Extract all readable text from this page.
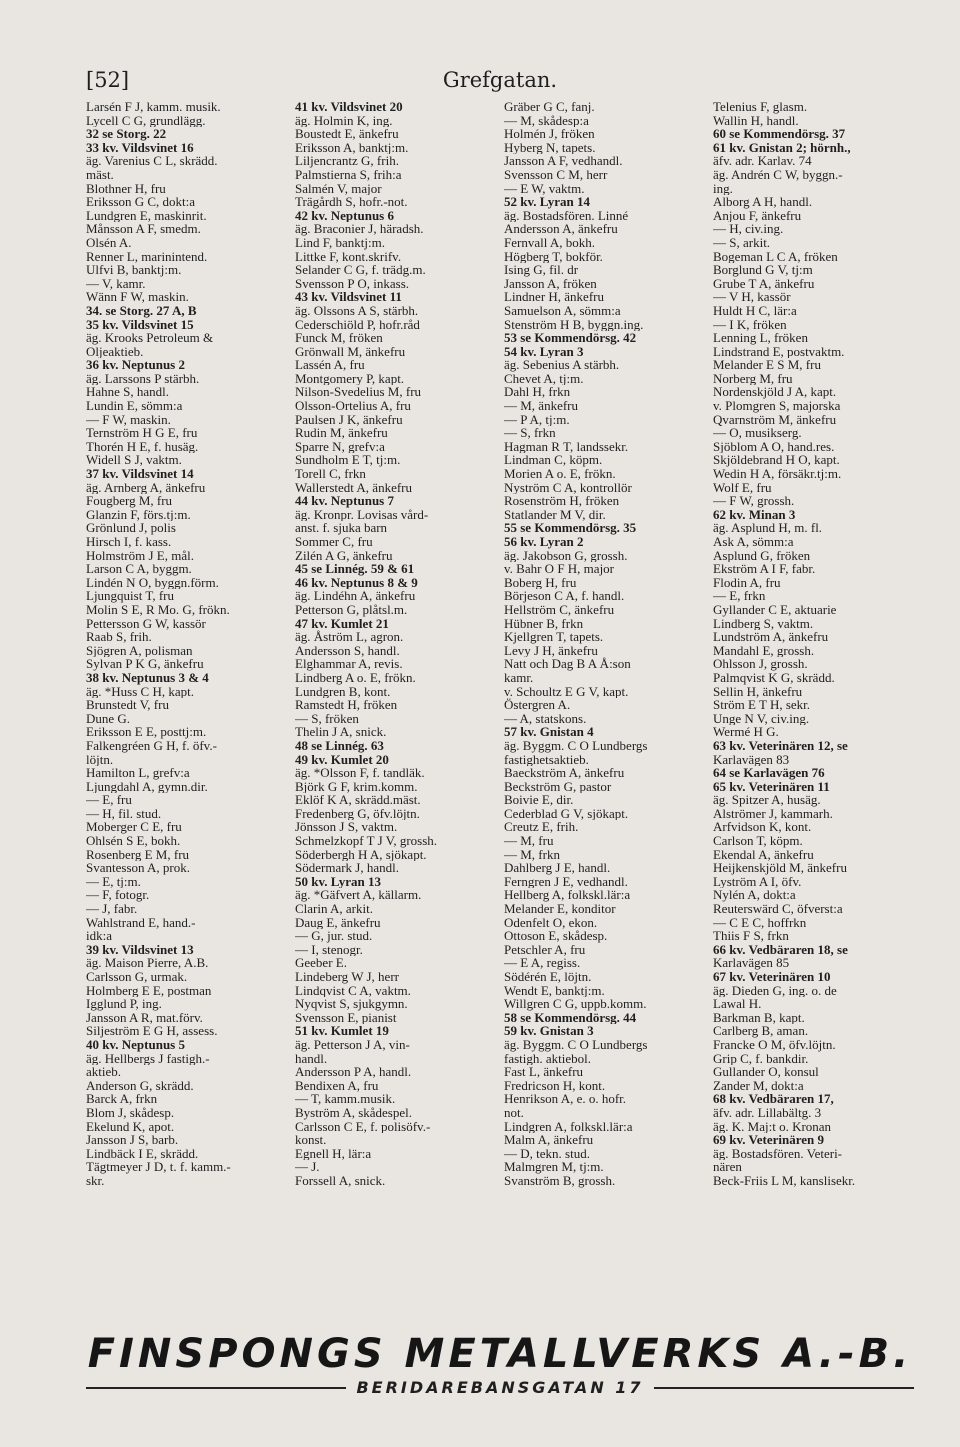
[52]	Grefgatan.
Larsén F J, kamm. musik.
Lycell C G, grundlägg.
32 se Storg. 22
33 kv. Vildsvinet 16
äg. Varenius C L, skrädd.
mäst.
Blothner H, fru
Eriksson G C, dokt:a
Lundgren E, maskinrit.
Månsson A F, smedm.
Olsén A.
Renner L, marinintend.
Ulfvi B, banktj:m.
— V, kamr.
Wänn F W, maskin.
34. se Storg. 27 A, B
35 kv. Vildsvinet 15
äg. Krooks Petroleum &
Oljeaktieb.
36 kv. Neptunus 2
äg. Larssons P stärbh.
Hahne S, handl.
Lundin E, sömm:a
— F W, maskin.
Ternström H G E, fru
Thorén H E, f. husäg.
Widell S J, vaktm.
37 kv. Vildsvinet 14
äg. Arnberg A, änkefru
Fougberg M, fru
Glanzin F, förs.tj:m.
Grönlund J, polis
Hirsch I, f. kass.
Holmström J E, mål.
Larson C A, byggm.
Lindén N O, byggn.förm.
Ljungquist T, fru
Molin S E, R Mo. G, frökn.
Pettersson G W, kassör
Raab S, frih.
Sjögren A, polisman
Sylvan P K G, änkefru
38 kv. Neptunus 3 & 4
äg. *Huss C H, kapt.
Brunstedt V, fru
Dune G.
Eriksson E E, posttj:m.
Falkengréen G H, f. öfv.-
löjtn.
Hamilton L, grefv:a
Ljungdahl A, gymn.dir.
— E, fru
— H, fil. stud.
Moberger C E, fru
Ohlsén S E, bokh.
Rosenberg E M, fru
Svantesson A, prok.
— E, tj:m.
— F, fotogr.
— J, fabr.
Wahlstrand E, hand.-
idk:a
39 kv. Vildsvinet 13
äg. Maison Pierre, A.B.
Carlsson G, urmak.
Holmberg E E, postman
Igglund P, ing.
Jansson A R, mat.förv.
Siljeström E G H, assess.
40 kv. Neptunus 5
äg. Hellbergs J fastigh.-
aktieb.
Anderson G, skrädd.
Barck A, frkn
Blom J, skådesp.
Ekelund K, apot.
Jansson J S, barb.
Lindbäck I E, skrädd.
Tägtmeyer J D, t. f. kamm.-
skr.
41 kv. Vildsvinet 20
äg. Holmin K, ing.
Boustedt E, änkefru
Eriksson A, banktj:m.
Liljencrantz G, frih.
Palmstierna S, frih:a
Salmén V, major
Trägårdh S, hofr.-not.
42 kv. Neptunus 6
äg. Braconier J, häradsh.
Lind F, banktj:m.
Littke F, kont.skrifv.
Selander C G, f. trädg.m.
Svensson P O, inkass.
43 kv. Vildsvinet 11
äg. Olssons A S, stärbh.
Cederschiöld P, hofr.råd
Funck M, fröken
Grönwall M, änkefru
Lassén A, fru
Montgomery P, kapt.
Nilson-Svedelius M, fru
Olsson-Ortelius A, fru
Paulsen J K, änkefru
Rudin M, änkefru
Sparre N, grefv:a
Sundholm E T, tj:m.
Torell C, frkn
Wallerstedt A, änkefru
44 kv. Neptunus 7
äg. Kronpr. Lovisas vård-
anst. f. sjuka barn
Sommer C, fru
Zilén A G, änkefru
45 se Linnég. 59 & 61
46 kv. Neptunus 8 & 9
äg. Lindéhn A, änkefru
Petterson G, plåtsl.m.
47 kv. Kumlet 21
äg. Åström L, agron.
Andersson S, handl.
Elghammar A, revis.
Lindberg A o. E, frökn.
Lundgren B, kont.
Ramstedt H, fröken
— S, fröken
Thelin J A, snick.
48 se Linnég. 63
49 kv. Kumlet 20
äg. *Olsson F, f. tandläk.
Björk G F, krim.komm.
Eklöf K A, skrädd.mäst.
Fredenberg G, öfv.löjtn.
Jönsson J S, vaktm.
Schmelzkopf T J V, grossh.
Söderbergh H A, sjökapt.
Södermark J, handl.
50 kv. Lyran 13
äg. *Gäfvert A, källarm.
Clarin A, arkit.
Daug E, änkefru
— G, jur. stud.
— I, stenogr.
Geeber E.
Lindeberg W J, herr
Lindqvist C A, vaktm.
Nyqvist S, sjukgymn.
Svensson E, pianist
51 kv. Kumlet 19
äg. Petterson J A, vin-
handl.
Andersson P A, handl.
Bendixen A, fru
— T, kamm.musik.
Byström A, skådespel.
Carlsson C E, f. polisöfv.-
konst.
Egnell H, lär:a
— J.
Forssell A, snick.
Gräber G C, fanj.
— M, skådesp:a
Holmén J, fröken
Hyberg N, tapets.
Jansson A F, vedhandl.
Svensson C M, herr
— E W, vaktm.
52 kv. Lyran 14
äg. Bostadsfören. Linné
Andersson A, änkefru
Fernvall A, bokh.
Högberg T, bokför.
Ising G, fil. dr
Jansson A, fröken
Lindner H, änkefru
Samuelson A, sömm:a
Stenström H B, byggn.ing.
53 se Kommendörsg. 42
54 kv. Lyran 3
äg. Sebenius A stärbh.
Chevet A, tj:m.
Dahl H, frkn
— M, änkefru
— P A, tj:m.
— S, frkn
Hagman R T, landssekr.
Lindman C, köpm.
Morien A o. E, frökn.
Nyström C A, kontrollör
Rosenström H, fröken
Statlander M V, dir.
55 se Kommendörsg. 35
56 kv. Lyran 2
äg. Jakobson G, grossh.
v. Bahr O F H, major
Boberg H, fru
Börjeson C A, f. handl.
Hellström C, änkefru
Hübner B, frkn
Kjellgren T, tapets.
Levy J H, änkefru
Natt och Dag B A Å:son
kamr.
v. Schoultz E G V, kapt.
Östergren A.
— A, statskons.
57 kv. Gnistan 4
äg. Byggm. C O Lundbergs
fastighetsaktieb.
Baeckström A, änkefru
Beckström G, pastor
Boivie E, dir.
Cederblad G V, sjökapt.
Creutz E, frih.
— M, fru
— M, frkn
Dahlberg J E, handl.
Ferngren J E, vedhandl.
Hellberg A, folkskl.lär:a
Melander E, konditor
Odenfelt O, ekon.
Ottoson E, skådesp.
Petschler A, fru
— E A, regiss.
Södérén E, löjtn.
Wendt E, banktj:m.
Willgren C G, uppb.komm.
58 se Kommendörsg. 44
59 kv. Gnistan 3
äg. Byggm. C O Lundbergs
fastigh. aktiebol.
Fast L, änkefru
Fredricson H, kont.
Henrikson A, e. o. hofr.
not.
Lindgren A, folkskl.lär:a
Malm A, änkefru
— D, tekn. stud.
Malmgren M, tj:m.
Svanström B, grossh.
Telenius F, glasm.
Wallin H, handl.
60 se Kommendörsg. 37
61 kv. Gnistan 2; hörnh.,
äfv. adr. Karlav. 74
äg. Andrén C W, byggn.-
ing.
Alborg A H, handl.
Anjou F, änkefru
— H, civ.ing.
— S, arkit.
Bogeman L C A, fröken
Borglund G V, tj:m
Grube T A, änkefru
— V H, kassör
Huldt H C, lär:a
— I K, fröken
Lenning L, fröken
Lindstrand E, postvaktm.
Melander E S M, fru
Norberg M, fru
Nordenskjöld J A, kapt.
v. Plomgren S, majorska
Qvarnström M, änkefru
— O, musikserg.
Sjöblom A O, hand.res.
Skjöldebrand H O, kapt.
Wedin H A, försäkr.tj:m.
Wolf E, fru
— F W, grossh.
62 kv. Minan 3
äg. Asplund H, m. fl.
Ask A, sömm:a
Asplund G, fröken
Ekström A I F, fabr.
Flodin A, fru
— E, frkn
Gyllander C E, aktuarie
Lindberg S, vaktm.
Lundström A, änkefru
Mandahl E, grossh.
Ohlsson J, grossh.
Palmqvist K G, skrädd.
Sellin H, änkefru
Ström E T H, sekr.
Unge N V, civ.ing.
Wermé H G.
63 kv. Veterinären 12, se
Karlavägen 83
64 se Karlavägen 76
65 kv. Veterinären 11
äg. Spitzer A, husäg.
Alströmer J, kammarh.
Arfvidson K, kont.
Carlson T, köpm.
Ekendal A, änkefru
Heijkenskjöld M, änkefru
Lyström A I, öfv.
Nylén A, dokt:a
Reuterswärd C, öfverst:a
— C E C, hoffrkn
Thiis F S, frkn
66 kv. Vedbäraren 18, se
Karlavägen 85
67 kv. Veterinären 10
äg. Dieden G, ing. o. de
Lawal H.
Barkman B, kapt.
Carlberg B, aman.
Francke O M, öfv.löjtn.
Grip C, f. bankdir.
Gullander O, konsul
Zander M, dokt:a
68 kv. Vedbäraren 17,
äfv. adr. Lillabältg. 3
äg. K. Maj:t o. Kronan
69 kv. Veterinären 9
äg. Bostadsfören. Veteri-
nären
Beck-Friis L M, kanslisekr.
FINSPONGS METALLVERKS A.-B.
BERIDAREBANSGATAN 17
